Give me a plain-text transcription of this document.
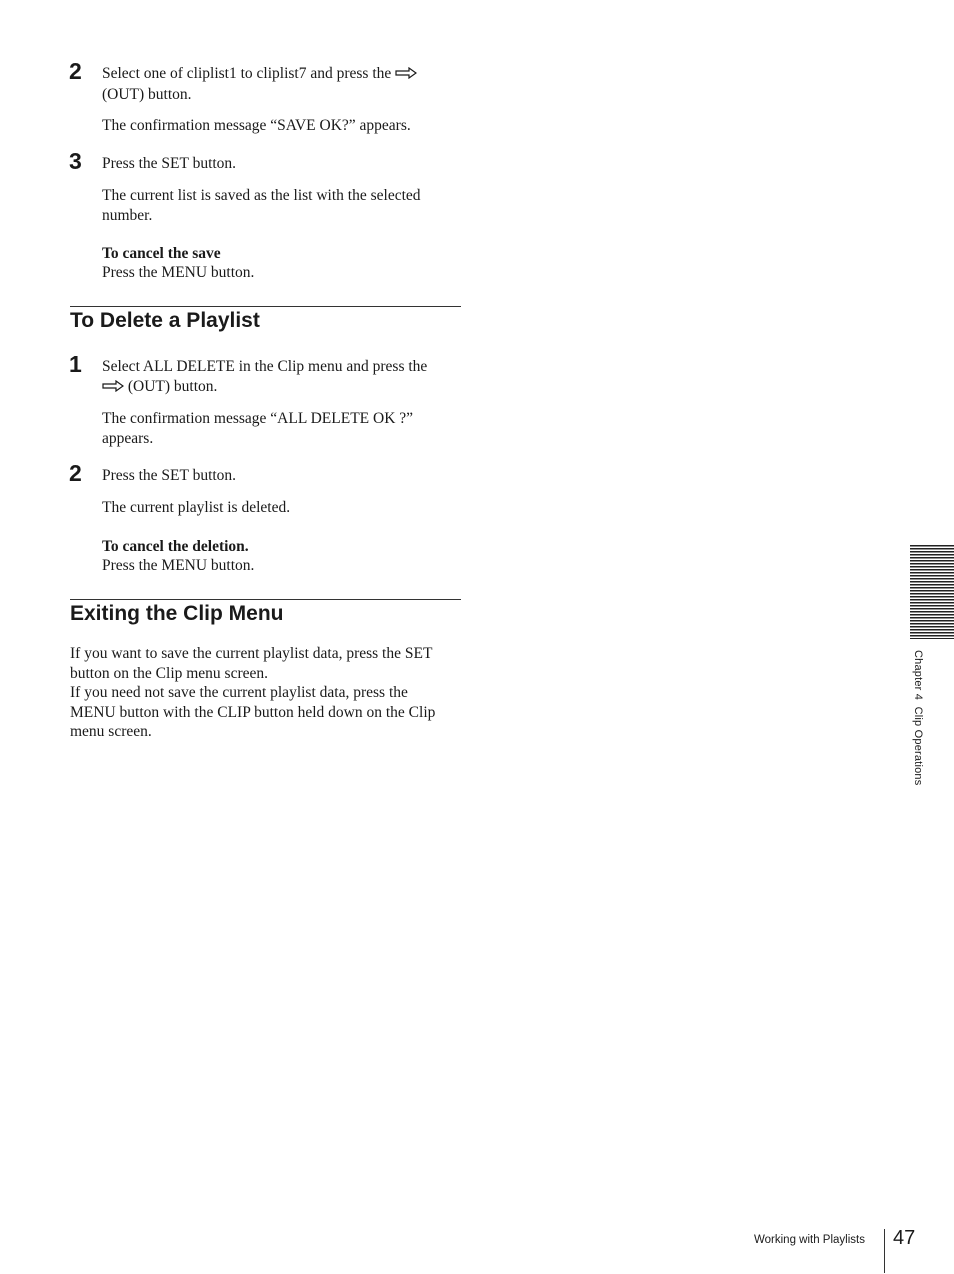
2 Select one of cliplist1 to cliplist7 and press the
(OUT) button.
The confirmation message “SAVE OK?” appears.
3 Press the SET button.
The current list is saved as the list with the selected
number.
To cancel the save
Press the MENU button.
To Delete a Playlist
1 Select ALL DELETE in the Clip menu and press the
(OUT) button.
The confirmation message “ALL DELETE OK ?”
appears.
2 Press the SET button.
The current playlist is deleted.
To cancel the deletion.
Press the MENU button.
Exiting the Clip Menu
If you want to save the current playlist data, press the SET
button on the Clip menu screen.
If you need not save the current playlist data, press the
MENU button with the CLIP button held down on the Clip
menu screen.	Chapter 4  Clip Operations
Working with Playlists 47
